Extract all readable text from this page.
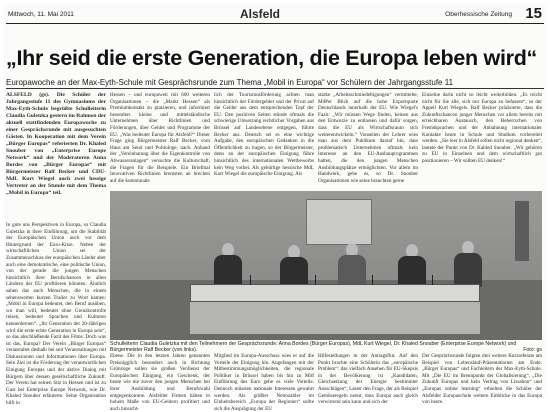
Mittwoch, 11. Mai 2011	Alsfeld	Oberhessische Zeitung 15
„Ihr seid die erste Generation, die Europa leben wird“
Europawoche an der Max-Eyth-Schule mit Gesprächsrunde zum Thema „Mobil in Europa“ vor Schülern der Jahrgangsstufe 11
ALSFELD (gs). Die Schüler der Jahrgangsstufe 11 des Gymnasiums der Max-Eyth-Schule begrüßte Schulleiterin Claudia Guletzka gestern im Rahmen der aktuell stattfindenden Europawoche zu einer Gesprächsrunde mit ausgesuchten Gästen. In Kooperation mit dem Verein „Bürger Europas“ referierten Dr. Khaled Snouber von „Enterprise Europe Network“ und der Moderatoren Anna Bordes von „Bürger Europas“ mit Bürgermeister Ralf Becker und CDU-MdL Kurt Wiegel auch zwei hessige Vertreter an der Stunde mit dem Thema „Mobil in Europa“ teil.
In gute uns Perspektiven in Europa, so Claudia Guletzka in ihrer Einführung, um die Stabilität der Europäischen Union auch vor dem Hintergrund der Euro-Krise. Neben der wirtschaftlichen Union sei der Zusammenschluss der europäischen Länder aber auch eine demokratische, eine politische Union, von der gerade die jungen Menschen hinsichtlich ihrer Berufschancen in allen Ländern der EU profitieren könnten. Ähnlich sahen das auch Menschen, die in einem sehenswerten kurzen Trailer zu Wort kamen: „Mobil in Europa bedeutet, den Beruf ausüben, wo man will, bedeutet ohne Grenzkontrolle reisen, bedeutet Sprachen und Kulturen kennenlernen“. „Ihr Generation der 20-Jährigen wird die erste echte Generation in Europa sein“, so das abschließende Fazit des Films. Doch was ist das, Europa? Der Verein „Bürger Europas“ veranstaltet deshalb bei seit Veranstaltungen mit Diskussionen und Informationen über Europa. Sein Ziel ist die Förderung der verantwortlichen Einigung Europas und der aktive Dialog mit Bürgern über dessen gesellschaftliche Zukunft. Der Verein hat seinen Sitz in Hessen und ist zu Gast bei Enterprise Europe Network, wie Dr. Khaled Snouber erläuterte. Seine Organisation hilft in
Hessen – und europaweit mit 600 weiteren Organisationen – die „Markt Hessen“ als Premiumkontakt zu platzieren, und informiert besonders kleine und mittelständische Unternehmen über Richtlinien und Förderungen, über Gelder und Programme der EU. „Was bedeutet Europa für Alsfeld?“ Dieser Frage ging Bürgermeister Ralf Becker, vom Haus am Seiol und Politologe, nach. Anhand der „Vereinbarung über die Eigenkontrolle von Abwasseranlagen“ versuchte die Kulturschaft, die Fragen für die Beispiele. Ein Briefmal Innovativen Richtlinien bremsten an brechen auf die kommunale
lich der Tourismusförderung achten man hinsichtlich der Fördergelder und der Privat auf die Gelder aus dem entsprechenden Topf der EU. Den positiven Seiten stünde oftmals die schwierige Umsetzung rechtlicher Vorgaben aus Brüssel auf Landesebene entgegen, führte Becker aus. Deutsch sei es eine wichtige Aufgabe, den europäischen Gedanken in die Öffentlichkeit zu tragen, so der Bürgermeister, denn an der europäischen Einigung führe hinsichtlich des internationalen Wettbewerbs kein Weg vorbei. Als gebürtige hessische MdL Kurt Wiegel die europäische Einigung. Als
starke „Arbeitsschmiedeltigungen“ vermittelte, MdPer Blick auf die hohe Exportquote Deutschlands innerhalb der EU. Wie Wiegel's Fazit: „Wir müssen Wege finden, keinen aus den Entwurze zu entlassen und dafür sorgen, dass die EU als Wirtschaftsraum sich weiterentwickeln.“ Vonseiten der Lehrer wies man aus dem Publikum darauf hin, dass problematisch Unternehmen oftmals kein Interesse an den EU-Ausbauprogrammen hatten, die den jungen Menschen Ausbildungsplätze ermöglichten. Vor allem im Handwerk, gebe es, so Dr. Snouber Organisationen wie seine brauchten gerne
Einzelne darin nicht so leicht weiterbilden. „Es reicht nicht für Sie alle, sich nur Europa zu befassen“, so der Appell Kurt Wiegels. Ralf Becker präzisierte, dass die Zukunftschancen junger Menschen vor allem bereits mit erreichbaren Austausch, den Beherrschen von Fremdsprachen und der Anbahnung internationaler Kontakte heute in Schule und Studium vorbereitet werden. „Sie leer in Alsfeld sollen nicht regional denken“, lautete der Punkt von Dr. Kahled Snouber. „Wir gehören zu EU in Einzelnen und dem wirtschaftlich gut positionieren – Wir sollten EU denken!“
Schulleiterin Claudia Guletzka mit den Teilnehmern der Gesprächsrunde: Anna Bordes (Bürger Europas), MdL Kurt Wiegel, Dr. Khaled Snouber (Enterprise Europe Network) und Bürgermeister Ralf Becker (von links).	Foto: gs
Ebene. Die in den letzten Jahren genannten Preisnigglich besonders auch in Richtung Grünzoge sollen sie großen Verdienst der Europäischen Einigung, ein Geschenk, der heute wie nie zuvor den jungen Menschen bei ihrer Ausbildung und Berufswahl entgegenkomme. Alsfelder Firmen hätten in hohem Maße von EU-Geldern profitiert und auch hinsicht-
Mitglied im Europa-Ausschuss wies er auf die Vorteile der Einigung hin. Angefangen mit der Mitbestimmungsmöglichkeiten, die regionale Politiker in Brüssel haben bis hin zu Mitf Einführung des Euro gebe es viele Vorteile. Dennoch müssten nationale Interessen gewahrt werden. Als größter Nettozahler im Einheitsbereich „Europa der Regionen“ sollte sich die Ausprägung der EU
Hilfestellungen in der Antragsflut. Auf den Punkt brachte eine Schülerin das „europäische Problem“: das vielfach Ansehen für EU-Skepsis in der Bevölkerung ist „Kandidaten, Gleichsetzung der Energie bestimmter Ausschlägen“, Laster den Frage, der als Beispiel Gemüseregeln nennt, dass Europa auch gleich verwirrend sein kann und sich der
Der Gesprächsrunde folgten drei weitere Kurzreferate am Beispiel von Lebenslauf-Präsentationen am Ende. „Bürger Europas“ und Fachleitern der Max-Eyth-Schule. Mit „Die EU im Brennpunkt der Globalisierung“, „Die Zukunft Europas und kein Vertrag von Lissabon“ und „Europas online learning“ erhielten die Schüler der Alsfelder Europaschule weitere Einblicke in das Europa von heute.
